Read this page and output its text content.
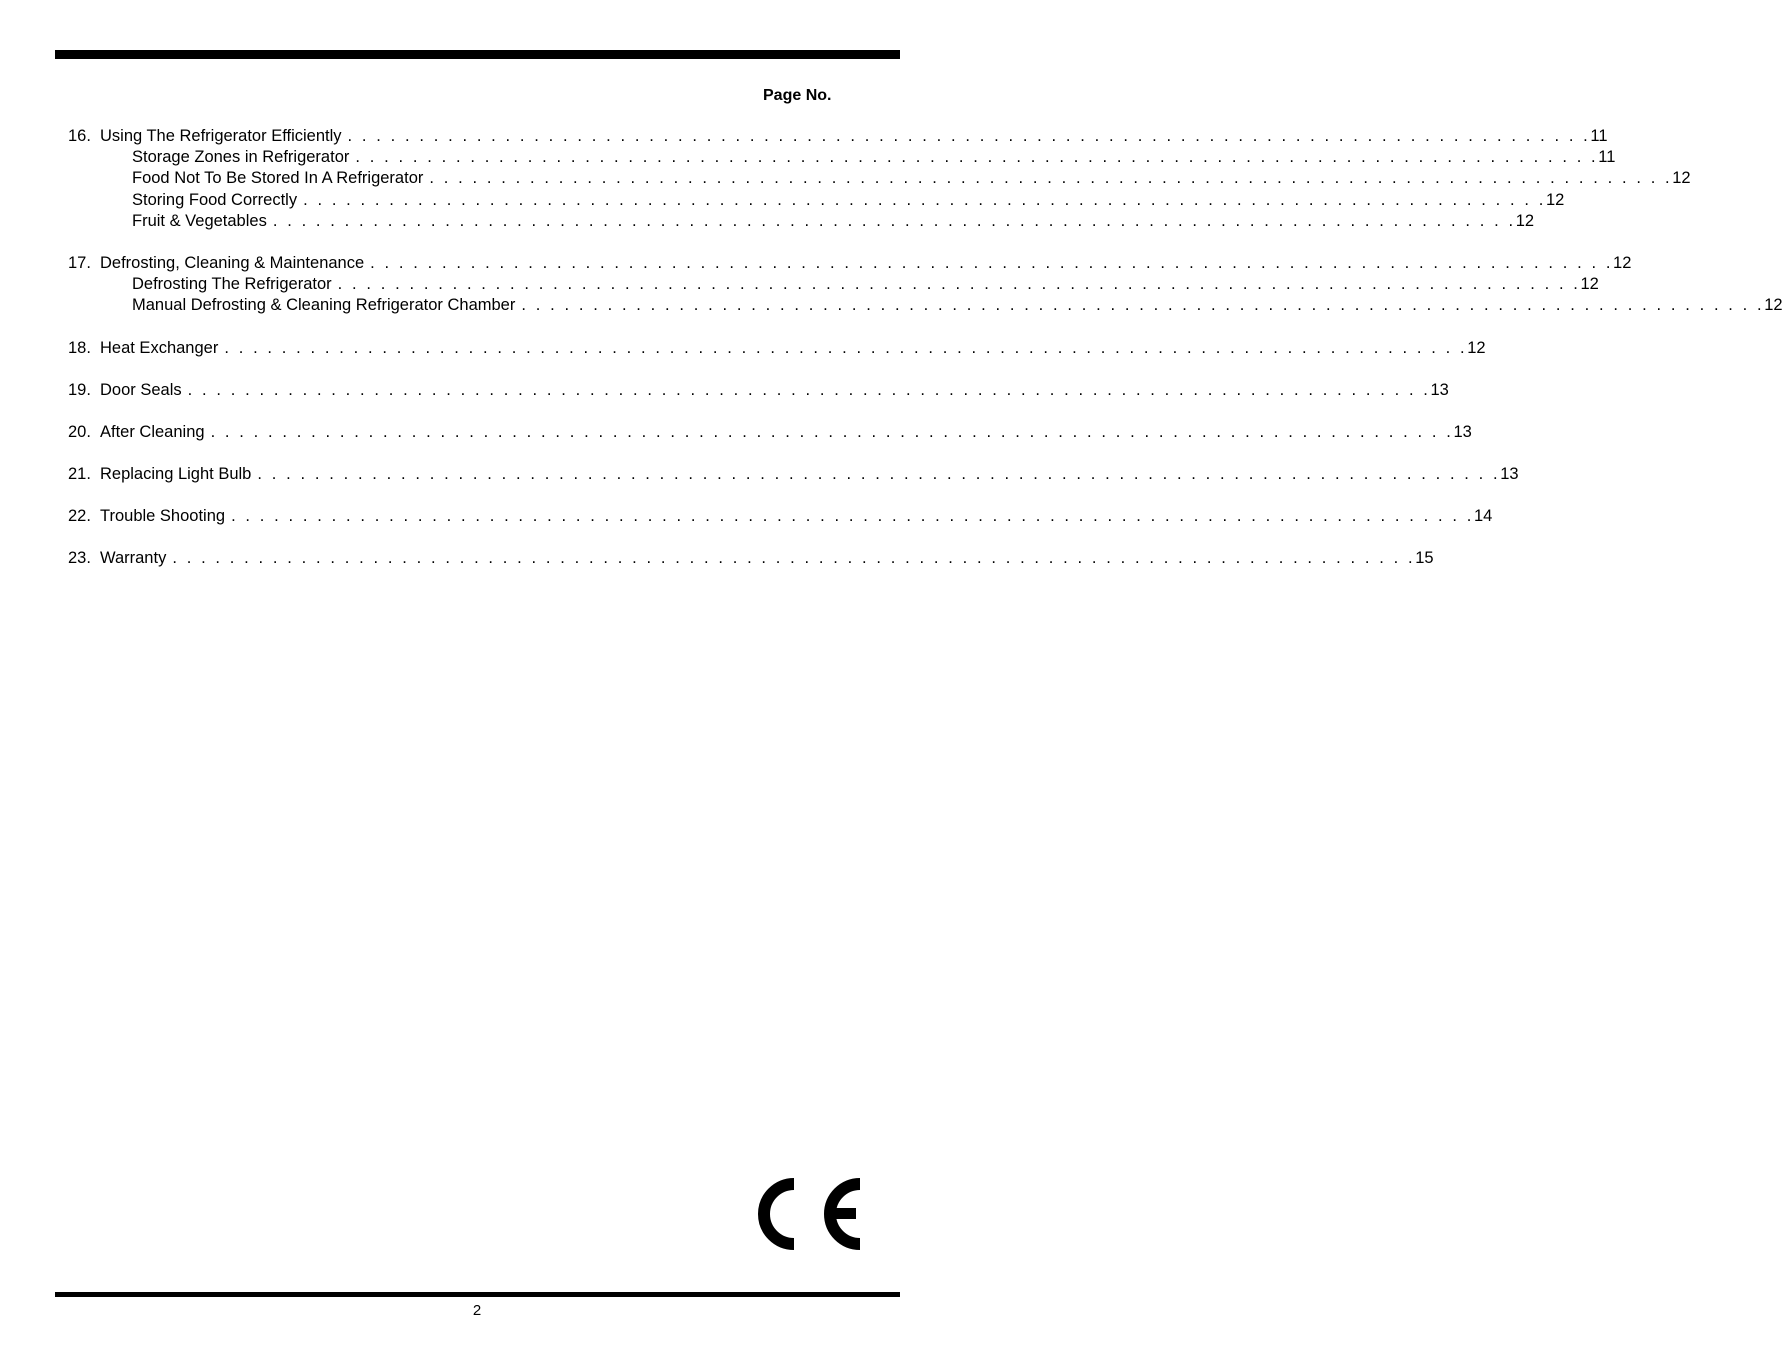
Page No.
16. Using The Refrigerator Efficiently . . . . . . . . . . . . . . . . . . . . . . . . . . . . . . . . . . . . . . . . . . . . . . . . . . . . . . . . . . . . . . . . . . . . . . . . . . . . . . . . . . . . . . . 11
Storage Zones in Refrigerator . . . . . . . . . . . . . . . . . . . . . . . . . . . . . . . . . . . . . . . . . . . . . . . . . . . . . . . . . . . . . . . . . . . . . . . . . . . . . . . . . . . . . . . 11
Food Not To Be Stored In A Refrigerator . . . . . . . . . . . . . . . . . . . . . . . . . . . . . . . . . . . . . . . . . . . . . . . . . . . . . . . . . . . . . . . . . . . . . . . . . . . . . . . . . . . . . . . 12
Storing Food Correctly . . . . . . . . . . . . . . . . . . . . . . . . . . . . . . . . . . . . . . . . . . . . . . . . . . . . . . . . . . . . . . . . . . . . . . . . . . . . . . . . . . . . . . . 12
Fruit & Vegetables . . . . . . . . . . . . . . . . . . . . . . . . . . . . . . . . . . . . . . . . . . . . . . . . . . . . . . . . . . . . . . . . . . . . . . . . . . . . . . . . . . . . . . . 12
17. Defrosting, Cleaning & Maintenance . . . . . . . . . . . . . . . . . . . . . . . . . . . . . . . . . . . . . . . . . . . . . . . . . . . . . . . . . . . . . . . . . . . . . . . . . . . . . . . . . . . . . . . 12
Defrosting The Refrigerator . . . . . . . . . . . . . . . . . . . . . . . . . . . . . . . . . . . . . . . . . . . . . . . . . . . . . . . . . . . . . . . . . . . . . . . . . . . . . . . . . . . . . . . 12
Manual Defrosting & Cleaning Refrigerator Chamber . . . . . . . . . . . . . . . . . . . . . . . . . . . . . . . . . . . . . . . . . . . . . . . . . . . . . . . . . . . . . . . . . . . . . . . . . . . . . . . . . . . . . . . 12
18. Heat Exchanger . . . . . . . . . . . . . . . . . . . . . . . . . . . . . . . . . . . . . . . . . . . . . . . . . . . . . . . . . . . . . . . . . . . . . . . . . . . . . . . . . . . . . . . 12
19. Door Seals . . . . . . . . . . . . . . . . . . . . . . . . . . . . . . . . . . . . . . . . . . . . . . . . . . . . . . . . . . . . . . . . . . . . . . . . . . . . . . . . . . . . . . . 13
20. After Cleaning . . . . . . . . . . . . . . . . . . . . . . . . . . . . . . . . . . . . . . . . . . . . . . . . . . . . . . . . . . . . . . . . . . . . . . . . . . . . . . . . . . . . . . . 13
21. Replacing Light Bulb . . . . . . . . . . . . . . . . . . . . . . . . . . . . . . . . . . . . . . . . . . . . . . . . . . . . . . . . . . . . . . . . . . . . . . . . . . . . . . . . . . . . . . . 13
22. Trouble Shooting . . . . . . . . . . . . . . . . . . . . . . . . . . . . . . . . . . . . . . . . . . . . . . . . . . . . . . . . . . . . . . . . . . . . . . . . . . . . . . . . . . . . . . . 14
23. Warranty . . . . . . . . . . . . . . . . . . . . . . . . . . . . . . . . . . . . . . . . . . . . . . . . . . . . . . . . . . . . . . . . . . . . . . . . . . . . . . . . . . . . . . . 15
2
